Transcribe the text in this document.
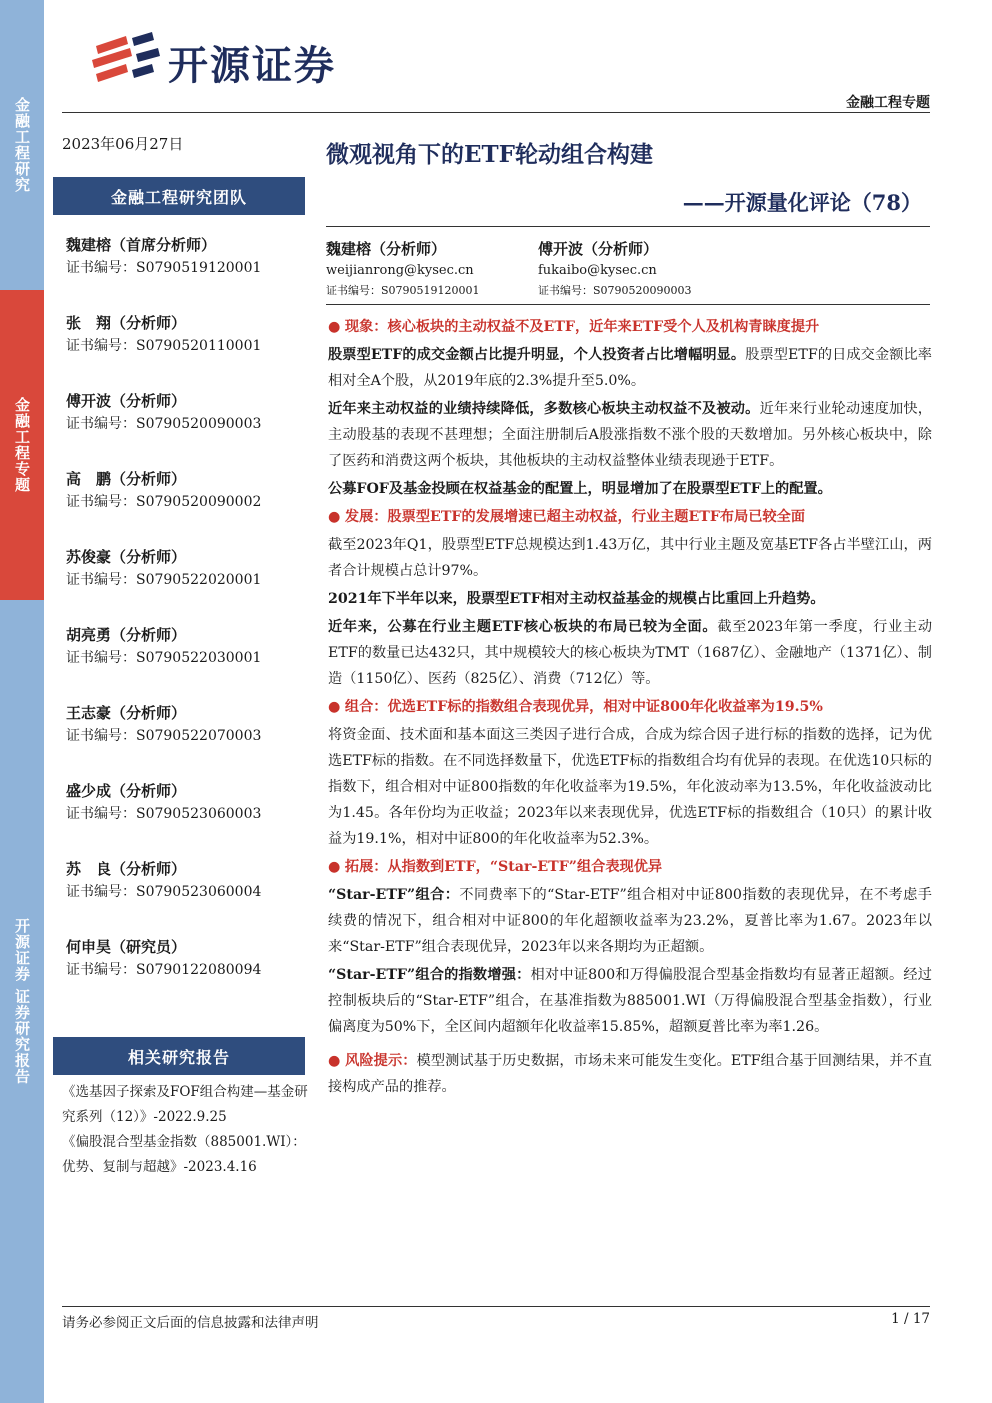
金融工程研究
金融工程专题
开源证券 证券研究报告
开源证券
金融工程专题
2023年06月27日	微观视角下的ETF轮动组合构建
——开源量化评论（78）
金融工程研究团队
魏建榕（首席分析师）
证书编号：S0790519120001
张　翔（分析师）
证书编号：S0790520110001
傅开波（分析师）
证书编号：S0790520090003
高　鹏（分析师）
证书编号：S0790520090002
苏俊豪（分析师）
证书编号：S0790522020001
胡亮勇（分析师）
证书编号：S0790522030001
王志豪（分析师）
证书编号：S0790522070003
盛少成（分析师）
证书编号：S0790523060003
苏　良（分析师）
证书编号：S0790523060004
何申昊（研究员）
证书编号：S0790122080094
相关研究报告
《选基因子探索及FOF组合构建—基金研究系列（12）》-2022.9.25
《偏股混合型基金指数（885001.WI）：优势、复制与超越》-2023.4.16
魏建榕（分析师）
weijianrong@kysec.cn
证书编号：S0790519120001
傅开波（分析师）
fukaibo@kysec.cn
证书编号：S0790520090003

● 现象：核心板块的主动权益不及ETF，近年来ETF受个人及机构青睐度提升

股票型ETF的成交金额占比提升明显，个人投资者占比增幅明显。股票型ETF的日成交金额比率相对全A个股，从2019年底的2.3%提升至5.0%。

近年来主动权益的业绩持续降低，多数核心板块主动权益不及被动。近年来行业轮动速度加快，主动股基的表现不甚理想；全面注册制后A股涨指数不涨个股的天数增加。另外核心板块中，除了医药和消费这两个板块，其他板块的主动权益整体业绩表现逊于ETF。

公募FOF及基金投顾在权益基金的配置上，明显增加了在股票型ETF上的配置。

● 发展：股票型ETF的发展增速已超主动权益，行业主题ETF布局已较全面

截至2023年Q1，股票型ETF总规模达到1.43万亿，其中行业主题及宽基ETF各占半壁江山，两者合计规模占总计97%。

2021年下半年以来，股票型ETF相对主动权益基金的规模占比重回上升趋势。

近年来，公募在行业主题ETF核心板块的布局已较为全面。截至2023年第一季度，行业主动ETF的数量已达432只，其中规模较大的核心板块为TMT（1687亿）、金融地产（1371亿）、制造（1150亿）、医药（825亿）、消费（712亿）等。

● 组合：优选ETF标的指数组合表现优异，相对中证800年化收益率为19.5%

将资金面、技术面和基本面这三类因子进行合成，合成为综合因子进行标的指数的选择，记为优选ETF标的指数。在不同选择数量下，优选ETF标的指数组合均有优异的表现。在优选10只标的指数下，组合相对中证800指数的年化收益率为19.5%，年化波动率为13.5%，年化收益波动比为1.45。各年份均为正收益；2023年以来表现优异，优选ETF标的指数组合（10只）的累计收益为19.1%，相对中证800的年化收益率为52.3%。

● 拓展：从指数到ETF，“Star-ETF”组合表现优异

“Star-ETF”组合：不同费率下的“Star-ETF”组合相对中证800指数的表现优异，在不考虑手续费的情况下，组合相对中证800的年化超额收益率为23.2%，夏普比率为1.67。2023年以来“Star-ETF”组合表现优异，2023年以来各期均为正超额。

“Star-ETF”组合的指数增强：相对中证800和万得偏股混合型基金指数均有显著正超额。经过控制板块后的“Star-ETF”组合，在基准指数为885001.WI（万得偏股混合型基金指数），行业偏离度为50%下，全区间内超额年化收益率15.85%，超额夏普比率为率1.26。

● 风险提示：模型测试基于历史数据，市场未来可能发生变化。ETF组合基于回测结果，并不直接构成产品的推荐。

请务必参阅正文后面的信息披露和法律声明	1 / 17
